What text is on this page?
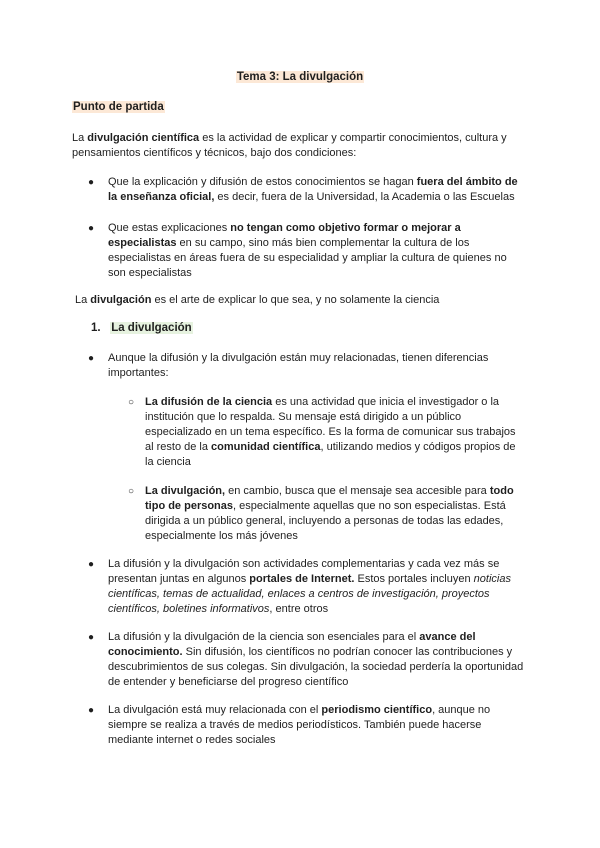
Tema 3: La divulgación
Punto de partida
La divulgación científica es la actividad de explicar y compartir conocimientos, cultura y pensamientos científicos y técnicos, bajo dos condiciones:
● Que la explicación y difusión de estos conocimientos se hagan fuera del ámbito de la enseñanza oficial, es decir, fuera de la Universidad, la Academia o las Escuelas
● Que estas explicaciones no tengan como objetivo formar o mejorar a especialistas en su campo, sino más bien complementar la cultura de los especialistas en áreas fuera de su especialidad y ampliar la cultura de quienes no son especialistas
La divulgación es el arte de explicar lo que sea, y no solamente la ciencia
1. La divulgación
● Aunque la difusión y la divulgación están muy relacionadas, tienen diferencias importantes:
○ La difusión de la ciencia es una actividad que inicia el investigador o la institución que lo respalda. Su mensaje está dirigido a un público especializado en un tema específico. Es la forma de comunicar sus trabajos al resto de la comunidad científica, utilizando medios y códigos propios de la ciencia
○ La divulgación, en cambio, busca que el mensaje sea accesible para todo tipo de personas, especialmente aquellas que no son especialistas. Está dirigida a un público general, incluyendo a personas de todas las edades, especialmente los más jóvenes
● La difusión y la divulgación son actividades complementarias y cada vez más se presentan juntas en algunos portales de Internet. Estos portales incluyen noticias científicas, temas de actualidad, enlaces a centros de investigación, proyectos científicos, boletines informativos, entre otros
● La difusión y la divulgación de la ciencia son esenciales para el avance del conocimiento. Sin difusión, los científicos no podrían conocer las contribuciones y descubrimientos de sus colegas. Sin divulgación, la sociedad perdería la oportunidad de entender y beneficiarse del progreso científico
● La divulgación está muy relacionada con el periodismo científico, aunque no siempre se realiza a través de medios periodísticos. También puede hacerse mediante internet o redes sociales
